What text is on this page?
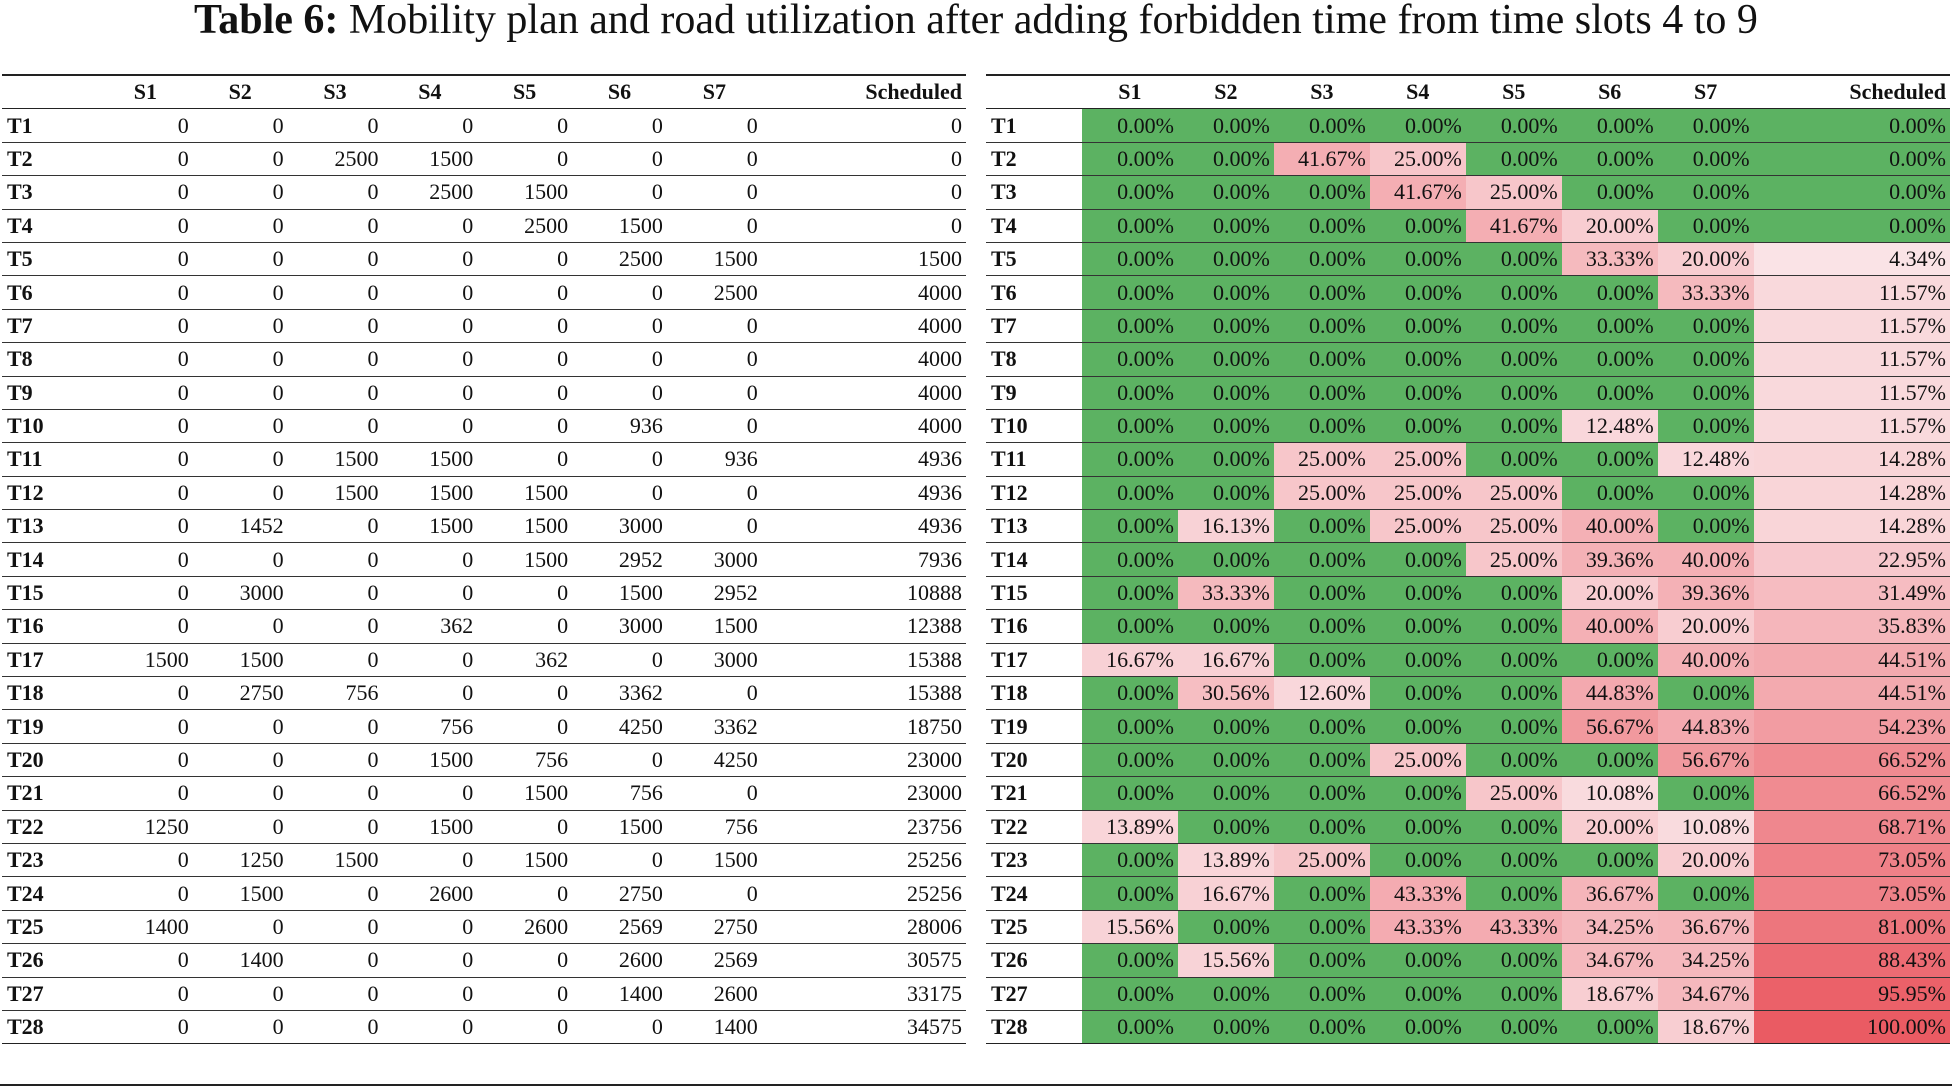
Table 6: Mobility plan and road utilization after adding forbidden time from time slots 4 to 9
	S1	S2	S3	S4	S5	S6	S7	Scheduled
T1	0	0	0	0	0	0	0	0
T2	0	0	2500	1500	0	0	0	0
T3	0	0	0	2500	1500	0	0	0
T4	0	0	0	0	2500	1500	0	0
T5	0	0	0	0	0	2500	1500	1500
T6	0	0	0	0	0	0	2500	4000
T7	0	0	0	0	0	0	0	4000
T8	0	0	0	0	0	0	0	4000
T9	0	0	0	0	0	0	0	4000
T10	0	0	0	0	0	936	0	4000
T11	0	0	1500	1500	0	0	936	4936
T12	0	0	1500	1500	1500	0	0	4936
T13	0	1452	0	1500	1500	3000	0	4936
T14	0	0	0	0	1500	2952	3000	7936
T15	0	3000	0	0	0	1500	2952	10888
T16	0	0	0	362	0	3000	1500	12388
T17	1500	1500	0	0	362	0	3000	15388
T18	0	2750	756	0	0	3362	0	15388
T19	0	0	0	756	0	4250	3362	18750
T20	0	0	0	1500	756	0	4250	23000
T21	0	0	0	0	1500	756	0	23000
T22	1250	0	0	1500	0	1500	756	23756
T23	0	1250	1500	0	1500	0	1500	25256
T24	0	1500	0	2600	0	2750	0	25256
T25	1400	0	0	0	2600	2569	2750	28006
T26	0	1400	0	0	0	2600	2569	30575
T27	0	0	0	0	0	1400	2600	33175
T28	0	0	0	0	0	0	1400	34575
	S1	S2	S3	S4	S5	S6	S7	Scheduled
T1	0.00%	0.00%	0.00%	0.00%	0.00%	0.00%	0.00%	0.00%
T2	0.00%	0.00%	41.67%	25.00%	0.00%	0.00%	0.00%	0.00%
T3	0.00%	0.00%	0.00%	41.67%	25.00%	0.00%	0.00%	0.00%
T4	0.00%	0.00%	0.00%	0.00%	41.67%	20.00%	0.00%	0.00%
T5	0.00%	0.00%	0.00%	0.00%	0.00%	33.33%	20.00%	4.34%
T6	0.00%	0.00%	0.00%	0.00%	0.00%	0.00%	33.33%	11.57%
T7	0.00%	0.00%	0.00%	0.00%	0.00%	0.00%	0.00%	11.57%
T8	0.00%	0.00%	0.00%	0.00%	0.00%	0.00%	0.00%	11.57%
T9	0.00%	0.00%	0.00%	0.00%	0.00%	0.00%	0.00%	11.57%
T10	0.00%	0.00%	0.00%	0.00%	0.00%	12.48%	0.00%	11.57%
T11	0.00%	0.00%	25.00%	25.00%	0.00%	0.00%	12.48%	14.28%
T12	0.00%	0.00%	25.00%	25.00%	25.00%	0.00%	0.00%	14.28%
T13	0.00%	16.13%	0.00%	25.00%	25.00%	40.00%	0.00%	14.28%
T14	0.00%	0.00%	0.00%	0.00%	25.00%	39.36%	40.00%	22.95%
T15	0.00%	33.33%	0.00%	0.00%	0.00%	20.00%	39.36%	31.49%
T16	0.00%	0.00%	0.00%	0.00%	0.00%	40.00%	20.00%	35.83%
T17	16.67%	16.67%	0.00%	0.00%	0.00%	0.00%	40.00%	44.51%
T18	0.00%	30.56%	12.60%	0.00%	0.00%	44.83%	0.00%	44.51%
T19	0.00%	0.00%	0.00%	0.00%	0.00%	56.67%	44.83%	54.23%
T20	0.00%	0.00%	0.00%	25.00%	0.00%	0.00%	56.67%	66.52%
T21	0.00%	0.00%	0.00%	0.00%	25.00%	10.08%	0.00%	66.52%
T22	13.89%	0.00%	0.00%	0.00%	0.00%	20.00%	10.08%	68.71%
T23	0.00%	13.89%	25.00%	0.00%	0.00%	0.00%	20.00%	73.05%
T24	0.00%	16.67%	0.00%	43.33%	0.00%	36.67%	0.00%	73.05%
T25	15.56%	0.00%	0.00%	43.33%	43.33%	34.25%	36.67%	81.00%
T26	0.00%	15.56%	0.00%	0.00%	0.00%	34.67%	34.25%	88.43%
T27	0.00%	0.00%	0.00%	0.00%	0.00%	18.67%	34.67%	95.95%
T28	0.00%	0.00%	0.00%	0.00%	0.00%	0.00%	18.67%	100.00%
